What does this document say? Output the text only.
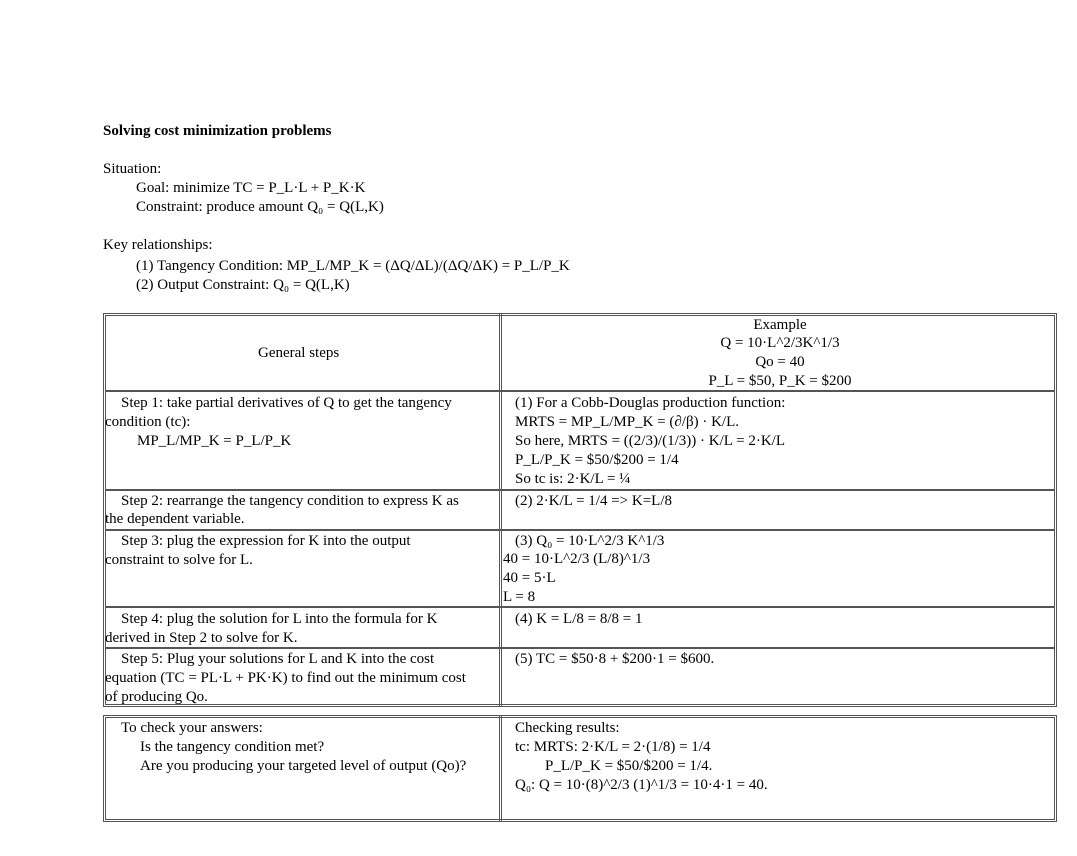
Solving cost minimization problems
Situation:
Goal: minimize TC = P_L·L + P_K·K
Constraint: produce amount Q₀ = Q(L,K)
Key relationships:
(1) Tangency Condition: MP_L/MP_K = (ΔQ/ΔL)/(ΔQ/ΔK) = P_L/P_K
(2) Output Constraint: Q₀ = Q(L,K)
General steps
Example
Q = 10·L^2/3K^1/3
Qo = 40
P_L = $50, P_K = $200
Step 1: take partial derivatives of Q to get the tangency
condition (tc):
MP_L/MP_K = P_L/P_K
(1) For a Cobb-Douglas production function:
MRTS = MP_L/MP_K = (∂/β) · K/L.
So here, MRTS = ((2/3)/(1/3)) · K/L = 2·K/L
P_L/P_K = $50/$200 = 1/4
So tc is: 2·K/L = ¼
Step 2: rearrange the tangency condition to express K as
the dependent variable.
(2) 2·K/L = 1/4 => K=L/8
Step 3: plug the expression for K into the output
constraint to solve for L.
(3) Q₀ = 10·L^2/3 K^1/3
40 = 10·L^2/3 (L/8)^1/3
40 = 5·L
L = 8
Step 4: plug the solution for L into the formula for K
derived in Step 2 to solve for K.
(4) K = L/8 = 8/8 = 1
Step 5: Plug your solutions for L and K into the cost
equation (TC = PL·L + PK·K) to find out the minimum cost
of producing Qo.
(5) TC = $50·8 + $200·1 = $600.
To check your answers:
Is the tangency condition met?
Are you producing your targeted level of output (Qo)?
Checking results:
tc: MRTS: 2·K/L = 2·(1/8) = 1/4
P_L/P_K = $50/$200 = 1/4.
Q₀: Q = 10·(8)^2/3 (1)^1/3 = 10·4·1 = 40.
